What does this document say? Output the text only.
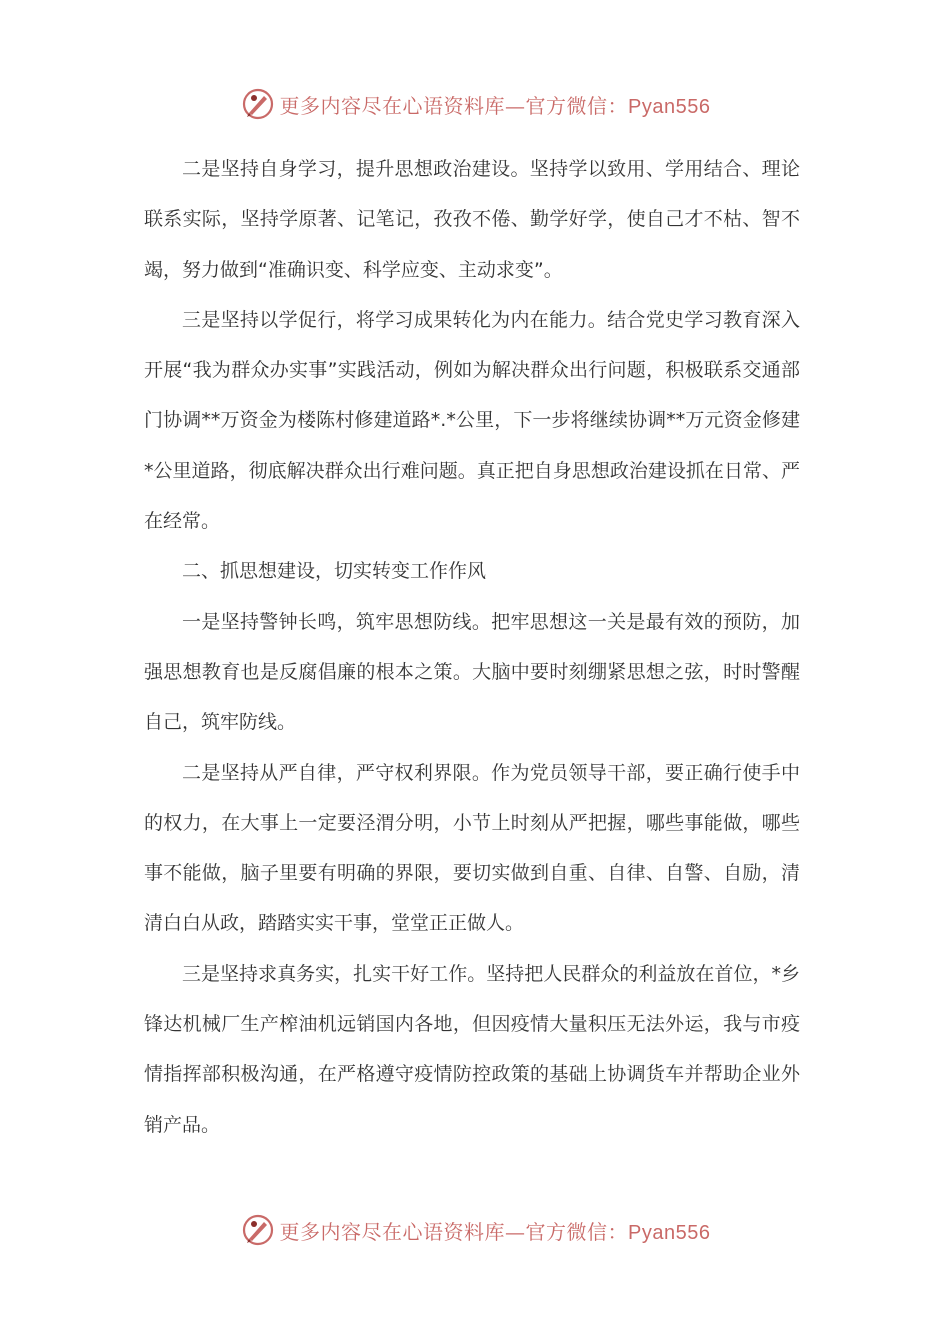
更多内容尽在心语资料库—官方微信：Pyan556

二是坚持自身学习，提升思想政治建设。坚持学以致用、学用结合、理论联系实际，坚持学原著、记笔记，孜孜不倦、勤学好学，使自己才不枯、智不竭，努力做到“准确识变、科学应变、主动求变”。

三是坚持以学促行，将学习成果转化为内在能力。结合党史学习教育深入开展“我为群众办实事”实践活动，例如为解决群众出行问题，积极联系交通部门协调**万资金为楼陈村修建道路*.*公里，下一步将继续协调**万元资金修建*公里道路，彻底解决群众出行难问题。真正把自身思想政治建设抓在日常、严在经常。

二、抓思想建设，切实转变工作作风

一是坚持警钟长鸣，筑牢思想防线。把牢思想这一关是最有效的预防，加强思想教育也是反腐倡廉的根本之策。大脑中要时刻绷紧思想之弦，时时警醒自己，筑牢防线。

二是坚持从严自律，严守权利界限。作为党员领导干部，要正确行使手中的权力，在大事上一定要泾渭分明，小节上时刻从严把握，哪些事能做，哪些事不能做，脑子里要有明确的界限，要切实做到自重、自律、自警、自励，清清白白从政，踏踏实实干事，堂堂正正做人。

三是坚持求真务实，扎实干好工作。坚持把人民群众的利益放在首位，*乡锋达机械厂生产榨油机远销国内各地，但因疫情大量积压无法外运，我与市疫情指挥部积极沟通，在严格遵守疫情防控政策的基础上协调货车并帮助企业外销产品。

更多内容尽在心语资料库—官方微信：Pyan556
